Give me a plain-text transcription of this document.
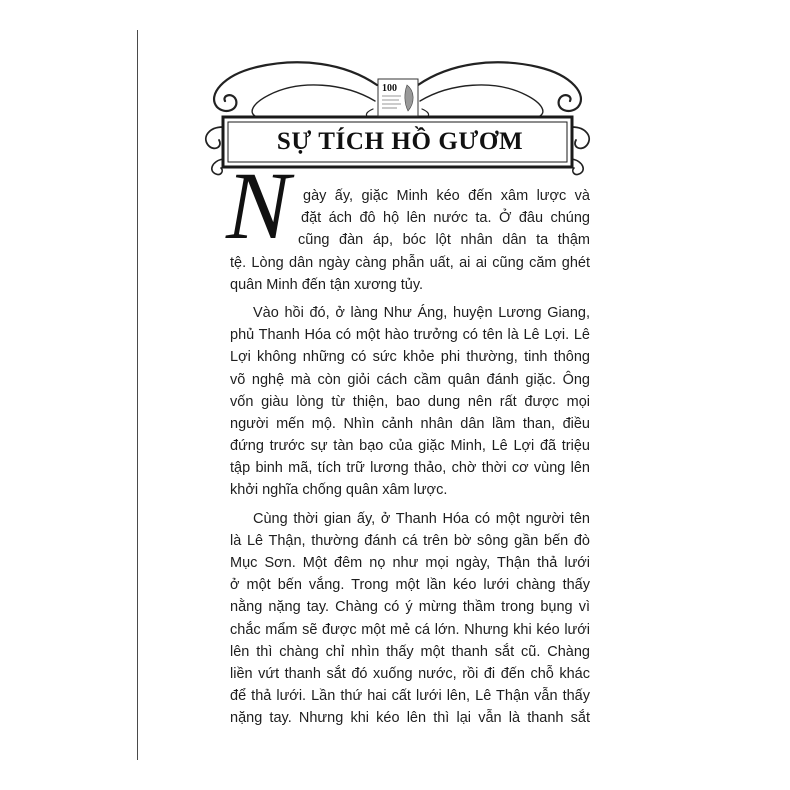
100
SỰ TÍCH HỒ GƯƠM
N gày ấy, giặc Minh kéo đến xâm lược và
đặt ách đô hộ lên nước ta. Ở đâu chúng
cũng đàn áp, bóc lột nhân dân ta thậm
tệ. Lòng dân ngày càng phẫn uất, ai ai cũng căm ghét
quân Minh đến tận xương tủy.
Vào hồi đó, ở làng Như Áng, huyện Lương Giang,
phủ Thanh Hóa có một hào trưởng có tên là Lê Lợi. Lê
Lợi không những có sức khỏe phi thường, tinh thông
võ nghệ mà còn giỏi cách cầm quân đánh giặc. Ông
vốn giàu lòng từ thiện, bao dung nên rất được mọi
người mến mộ. Nhìn cảnh nhân dân lầm than, điều
đứng trước sự tàn bạo của giặc Minh, Lê Lợi đã triệu
tập binh mã, tích trữ lương thảo, chờ thời cơ vùng lên
khởi nghĩa chống quân xâm lược.
Cùng thời gian ấy, ở Thanh Hóa có một người tên
là Lê Thận, thường đánh cá trên bờ sông gần bến đò
Mục Sơn. Một đêm nọ như mọi ngày, Thận thả lưới
ở một bến vắng. Trong một lần kéo lưới chàng thấy
nằng nặng tay. Chàng có ý mừng thầm trong bụng vì
chắc mẩm sẽ được một mẻ cá lớn. Nhưng khi kéo lưới
lên thì chàng chỉ nhìn thấy một thanh sắt cũ. Chàng
liền vứt thanh sắt đó xuống nước, rồi đi đến chỗ khác
để thả lưới. Lần thứ hai cất lưới lên, Lê Thận vẫn thấy
nặng tay. Nhưng khi kéo lên thì lại vẫn là thanh sắt
